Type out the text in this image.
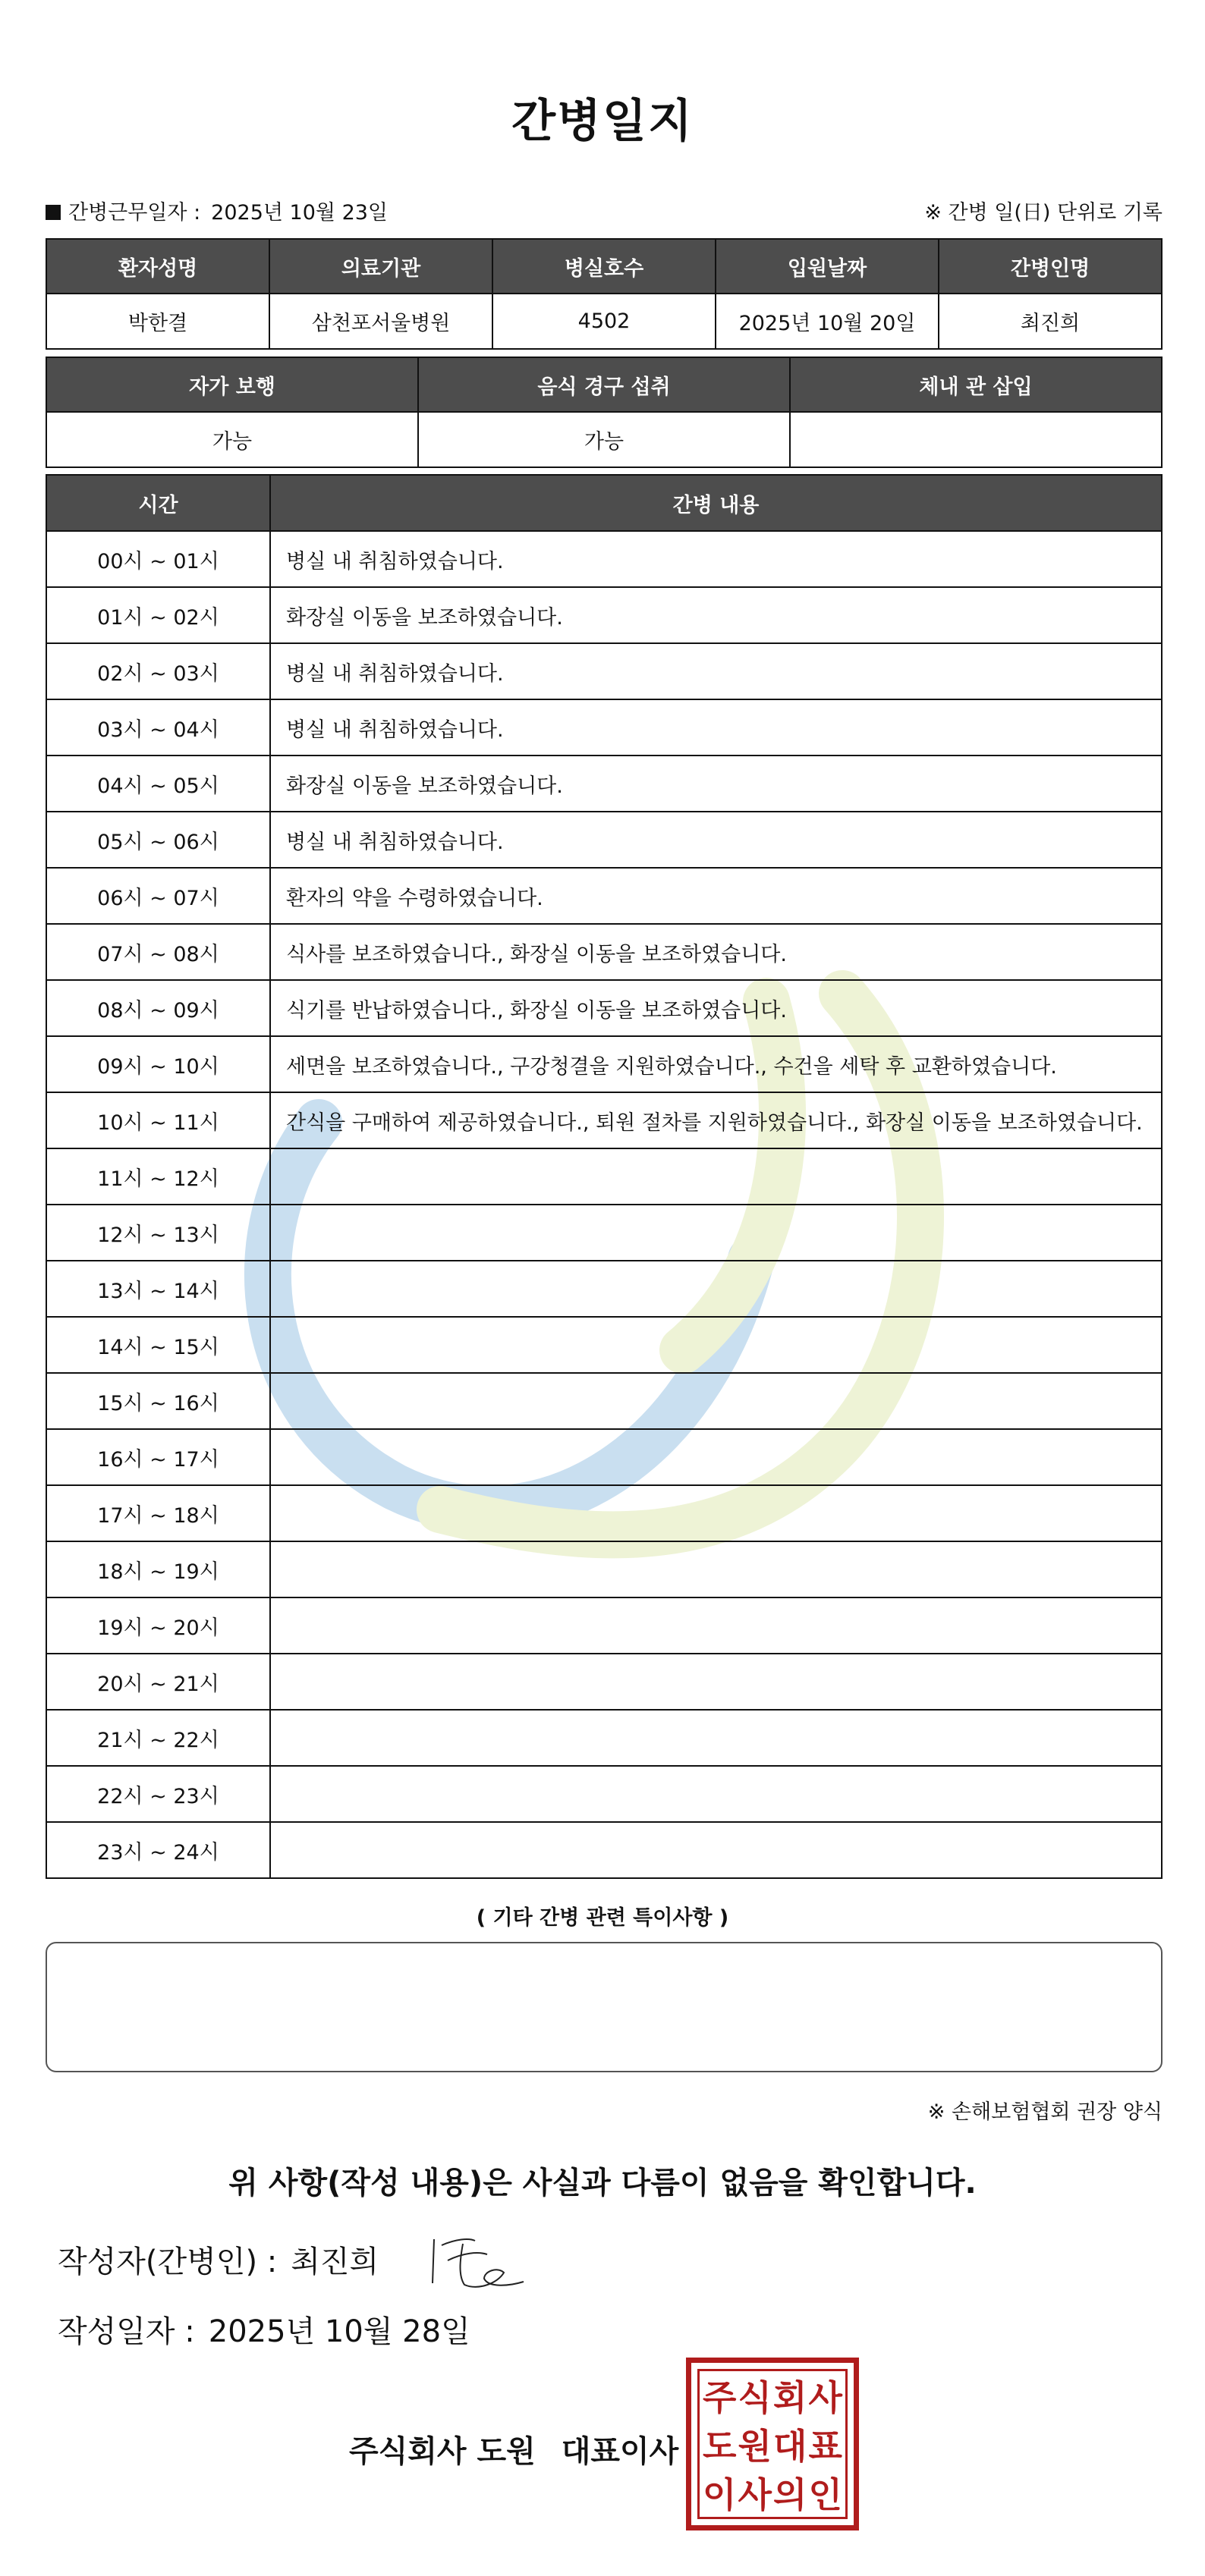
간병일지
간병근무일자 : 2025년 10월 23일	※ 간병 일(日) 단위로 기록
환자성명	의료기관	병실호수	입원날짜	간병인명
박한결	삼천포서울병원	4502	2025년 10월 20일	최진희
자가 보행	음식 경구 섭취	체내 관 삽입
가능	가능	
시간	간병 내용
00시 ~ 01시	병실 내 취침하였습니다.
01시 ~ 02시	화장실 이동을 보조하였습니다.
02시 ~ 03시	병실 내 취침하였습니다.
03시 ~ 04시	병실 내 취침하였습니다.
04시 ~ 05시	화장실 이동을 보조하였습니다.
05시 ~ 06시	병실 내 취침하였습니다.
06시 ~ 07시	환자의 약을 수령하였습니다.
07시 ~ 08시	식사를 보조하였습니다., 화장실 이동을 보조하였습니다.
08시 ~ 09시	식기를 반납하였습니다., 화장실 이동을 보조하였습니다.
09시 ~ 10시	세면을 보조하였습니다., 구강청결을 지원하였습니다., 수건을 세탁 후 교환하였습니다.
10시 ~ 11시	간식을 구매하여 제공하였습니다., 퇴원 절차를 지원하였습니다., 화장실 이동을 보조하였습니다.
11시 ~ 12시	
12시 ~ 13시	
13시 ~ 14시	
14시 ~ 15시	
15시 ~ 16시	
16시 ~ 17시	
17시 ~ 18시	
18시 ~ 19시	
19시 ~ 20시	
20시 ~ 21시	
21시 ~ 22시	
22시 ~ 23시	
23시 ~ 24시	
( 기타 간병 관련 특이사항 )
※ 손해보험협회 권장 양식
위 사항(작성 내용)은 사실과 다름이 없음을 확인합니다.
작성자(간병인) : 최진희
작성일자 : 2025년 10월 28일
주식회사 도원 대표이사
주 식 회 사
도 원 대 표
이 사 의 인
